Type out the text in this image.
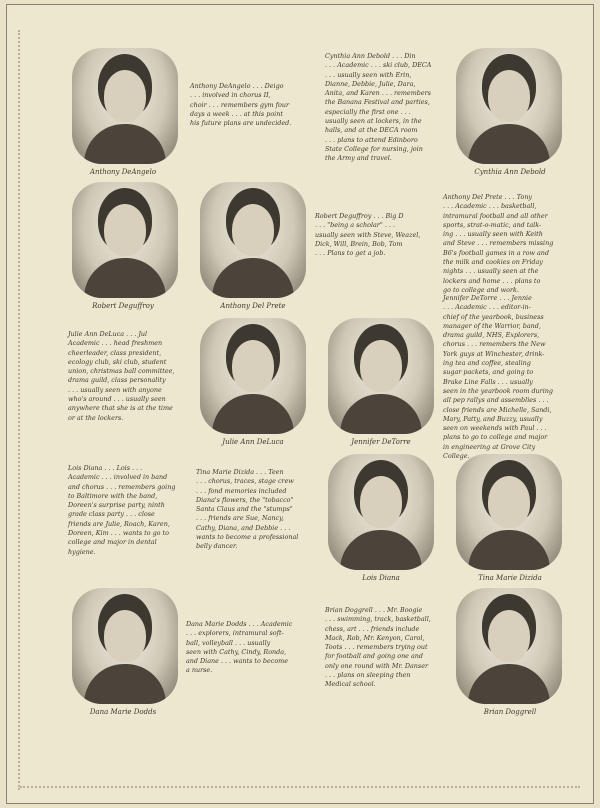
Anthony DeAngelo
Anthony DeAngelo . . . Deigo
. . . involved in chorus II,
choir . . . remembers gym four
days a week . . . at this point
his future plans are undecided.
Cynthia Ann Debold . . . Din
. . . Academic . . . ski club, DECA
. . . usually seen with Erin,
Dianne, Debbie, Julie, Dara,
Anita, and Karen . . . remembers
the Banana Festival and parties,
especially the first one . . .
usually seen at lockers, in the
halls, and at the DECA room
. . . plans to attend Edinboro
State College for nursing, join
the Army and travel.
Cynthia Ann Debold
Robert Deguffroy	Anthony Del Prete
Robert Deguffroy . . . Big D
. . . "being a scholar" . . .
usually seen with Steve, Weazel,
Dick, Will, Brein, Bob, Tom
. . . Plans to get a job.
Anthony Del Prete . . . Tony
. . . Academic . . . basketball,
intramural football and all other
sports, strat-o-matic, and talk-
ing . . . usually seen with Keith
and Steve . . . remembers missing
B6's football games in a row and
the milk and cookies on Friday
nights . . . usually seen at the
lockers and home . . . plans to
go to college and work.
Julie Ann DeLuca . . . Jul
Academic . . . head freshmen
cheerleader, class president,
ecology club, ski club, student
union, christmas ball committee,
drama guild, class personality
. . . usually seen with anyone
who's around . . . usually seen
anywhere that she is at the time
or at the lockers.
Julie Ann DeLuca	Jennifer DeTorre
Jennifer DeTorre . . . Jennie
. . . Academic . . . editor-in-
chief of the yearbook, business
manager of the Warrior, band,
drama guild, NHS, Explorers,
chorus . . . remembers the New
York guys at Winchester, drink-
ing tea and coffee, stealing
sugar packets, and going to
Brake Line Falls . . . usually
seen in the yearbook room during
all pep rallys and assemblies . . .
close friends are Michelle, Sandi,
Mary, Patty, and Buzzy, usually
seen on weekends with Paul . . .
plans to go to college and major
in engineering at Grove City
College.
Lois Diana . . . Lois . . .
Academic . . . involved in band
and chorus . . . remembers going
to Baltimore with the band,
Doreen's surprise party, ninth
grade class party . . . close
friends are Julie, Roach, Karen,
Doreen, Kim . . . wants to go to
college and major in dental
hygiene.
Tina Marie Dizida . . . Teen
. . . chorus, traces, stage crew
. . . fond memories included
Diana's flowers, the "tobacco"
Santa Claus and the "stumps"
. . . friends are Sue, Nancy,
Cathy, Diana, and Debbie . . .
wants to become a professional
belly dancer.
Lois Diana	Tina Marie Dizida
Dana Marie Dodds
Dana Marie Dodds . . . Academic
. . . explorers, intramural soft-
ball, volleyball . . . usually
seen with Cathy, Cindy, Ronda,
and Diane . . . wants to become
a nurse.
Brian Doggrell . . . Mr. Boogie
. . . swimming, track, basketball,
chess, art . . . friends include
Mack, Rob, Mr. Kenyon, Carol,
Toots . . . remembers trying out
for football and going one and
only one round with Mr. Danser
. . . plans on sleeping then
Medical school.
Brian Doggrell
